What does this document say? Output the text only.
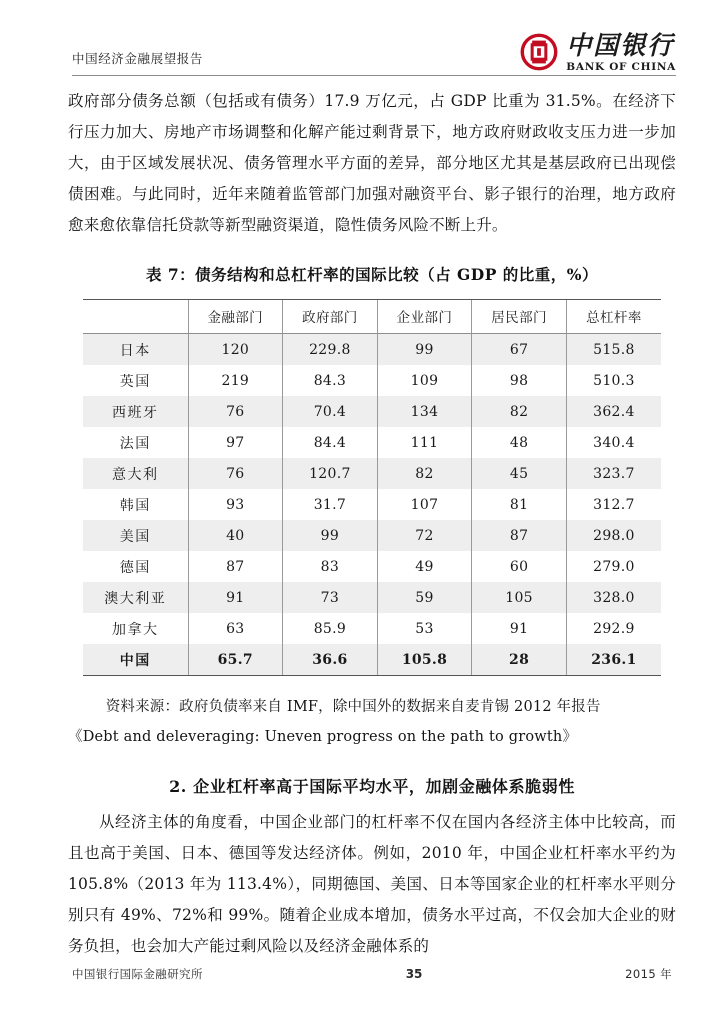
中国经济金融展望报告	中国银行
BANK OF CHINA

政府部分债务总额（包括或有债务）17.9 万亿元，占 GDP 比重为 31.5%。在经济下行压力加大、房地产市场调整和化解产能过剩背景下，地方政府财政收支压力进一步加大，由于区域发展状况、债务管理水平方面的差异，部分地区尤其是基层政府已出现偿债困难。与此同时，近年来随着监管部门加强对融资平台、影子银行的治理，地方政府愈来愈依靠信托贷款等新型融资渠道，隐性债务风险不断上升。

表 7：债务结构和总杠杆率的国际比较（占 GDP 的比重，%）
	金融部门	政府部门	企业部门	居民部门	总杠杆率
日本	120	229.8	99	67	515.8
英国	219	84.3	109	98	510.3
西班牙	76	70.4	134	82	362.4
法国	97	84.4	111	48	340.4
意大利	76	120.7	82	45	323.7
韩国	93	31.7	107	81	312.7
美国	40	99	72	87	298.0
德国	87	83	49	60	279.0
澳大利亚	91	73	59	105	328.0
加拿大	63	85.9	53	91	292.9
中国	65.7	36.6	105.8	28	236.1
资料来源：政府负债率来自 IMF，除中国外的数据来自麦肯锡 2012 年报告
《Debt and deleveraging: Uneven progress on the path to growth》
2. 企业杠杆率高于国际平均水平，加剧金融体系脆弱性

从经济主体的角度看，中国企业部门的杠杆率不仅在国内各经济主体中比较高，而且也高于美国、日本、德国等发达经济体。例如，2010 年，中国企业杠杆率水平约为 105.8%（2013 年为 113.4%），同期德国、美国、日本等国家企业的杠杆率水平则分别只有 49%、72%和 99%。随着企业成本增加，债务水平过高，不仅会加大企业的财务负担，也会加大产能过剩风险以及经济金融体系的

中国银行国际金融研究所	35	2015 年
